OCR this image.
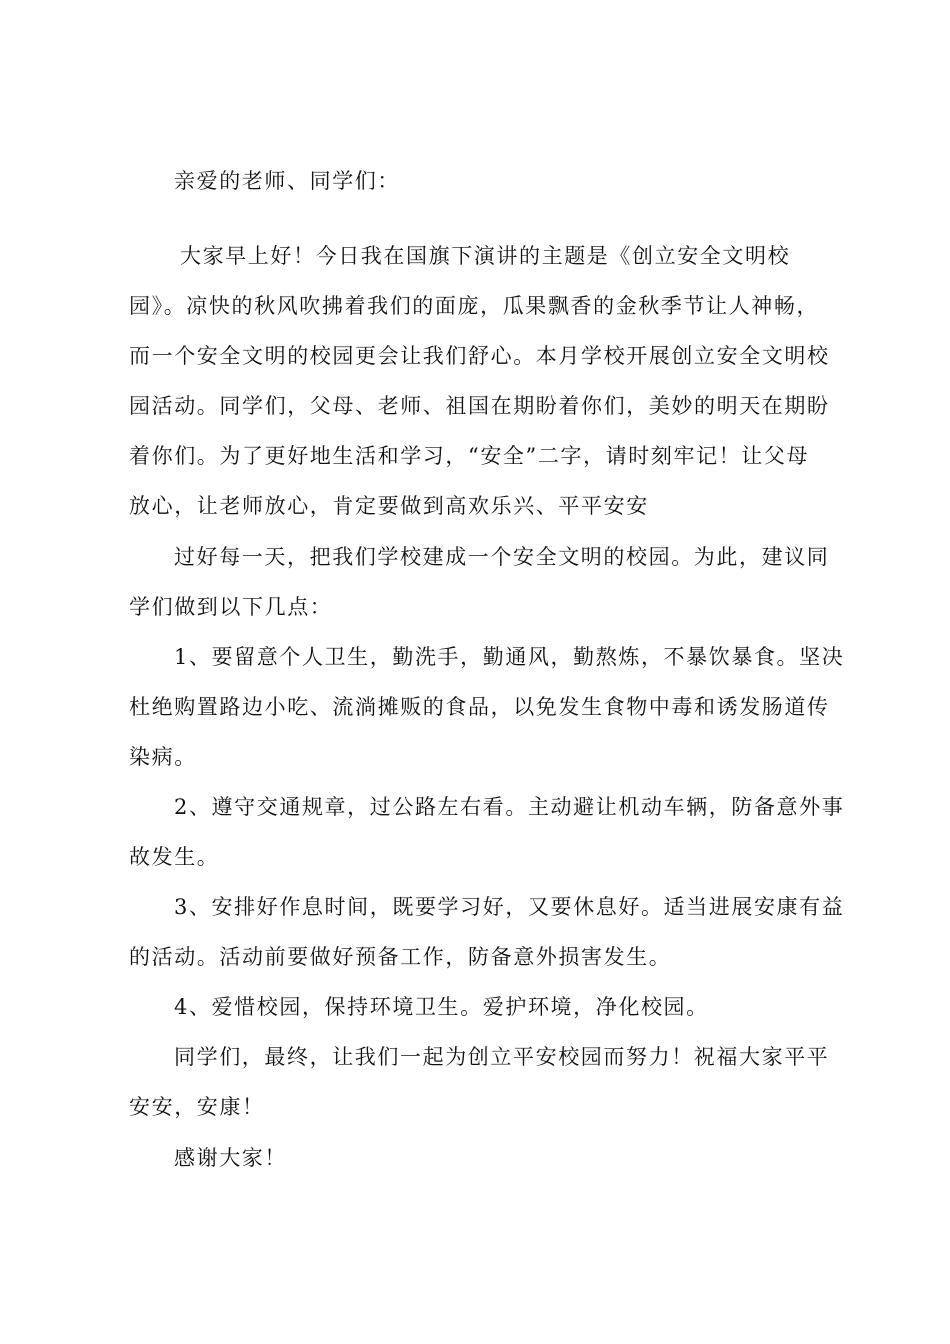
亲爱的老师、同学们：
大家早上好！今日我在国旗下演讲的主题是《创立安全文明校
园》。凉快的秋风吹拂着我们的面庞，瓜果飘香的金秋季节让人神畅，
而一个安全文明的校园更会让我们舒心。本月学校开展创立安全文明校
园活动。同学们，父母、老师、祖国在期盼着你们，美妙的明天在期盼
着你们。为了更好地生活和学习，“安全”二字，请时刻牢记！让父母
放心，让老师放心，肯定要做到高欢乐兴、平平安安
过好每一天，把我们学校建成一个安全文明的校园。为此，建议同
学们做到以下几点：
1、要留意个人卫生，勤洗手，勤通风，勤熬炼，不暴饮暴食。坚决
杜绝购置路边小吃、流淌摊贩的食品，以免发生食物中毒和诱发肠道传
染病。
2、遵守交通规章，过公路左右看。主动避让机动车辆，防备意外事
故发生。
3、安排好作息时间，既要学习好，又要休息好。适当进展安康有益
的活动。活动前要做好预备工作，防备意外损害发生。
4、爱惜校园，保持环境卫生。爱护环境，净化校园。
同学们，最终，让我们一起为创立平安校园而努力！祝福大家平平
安安，安康！
感谢大家！
